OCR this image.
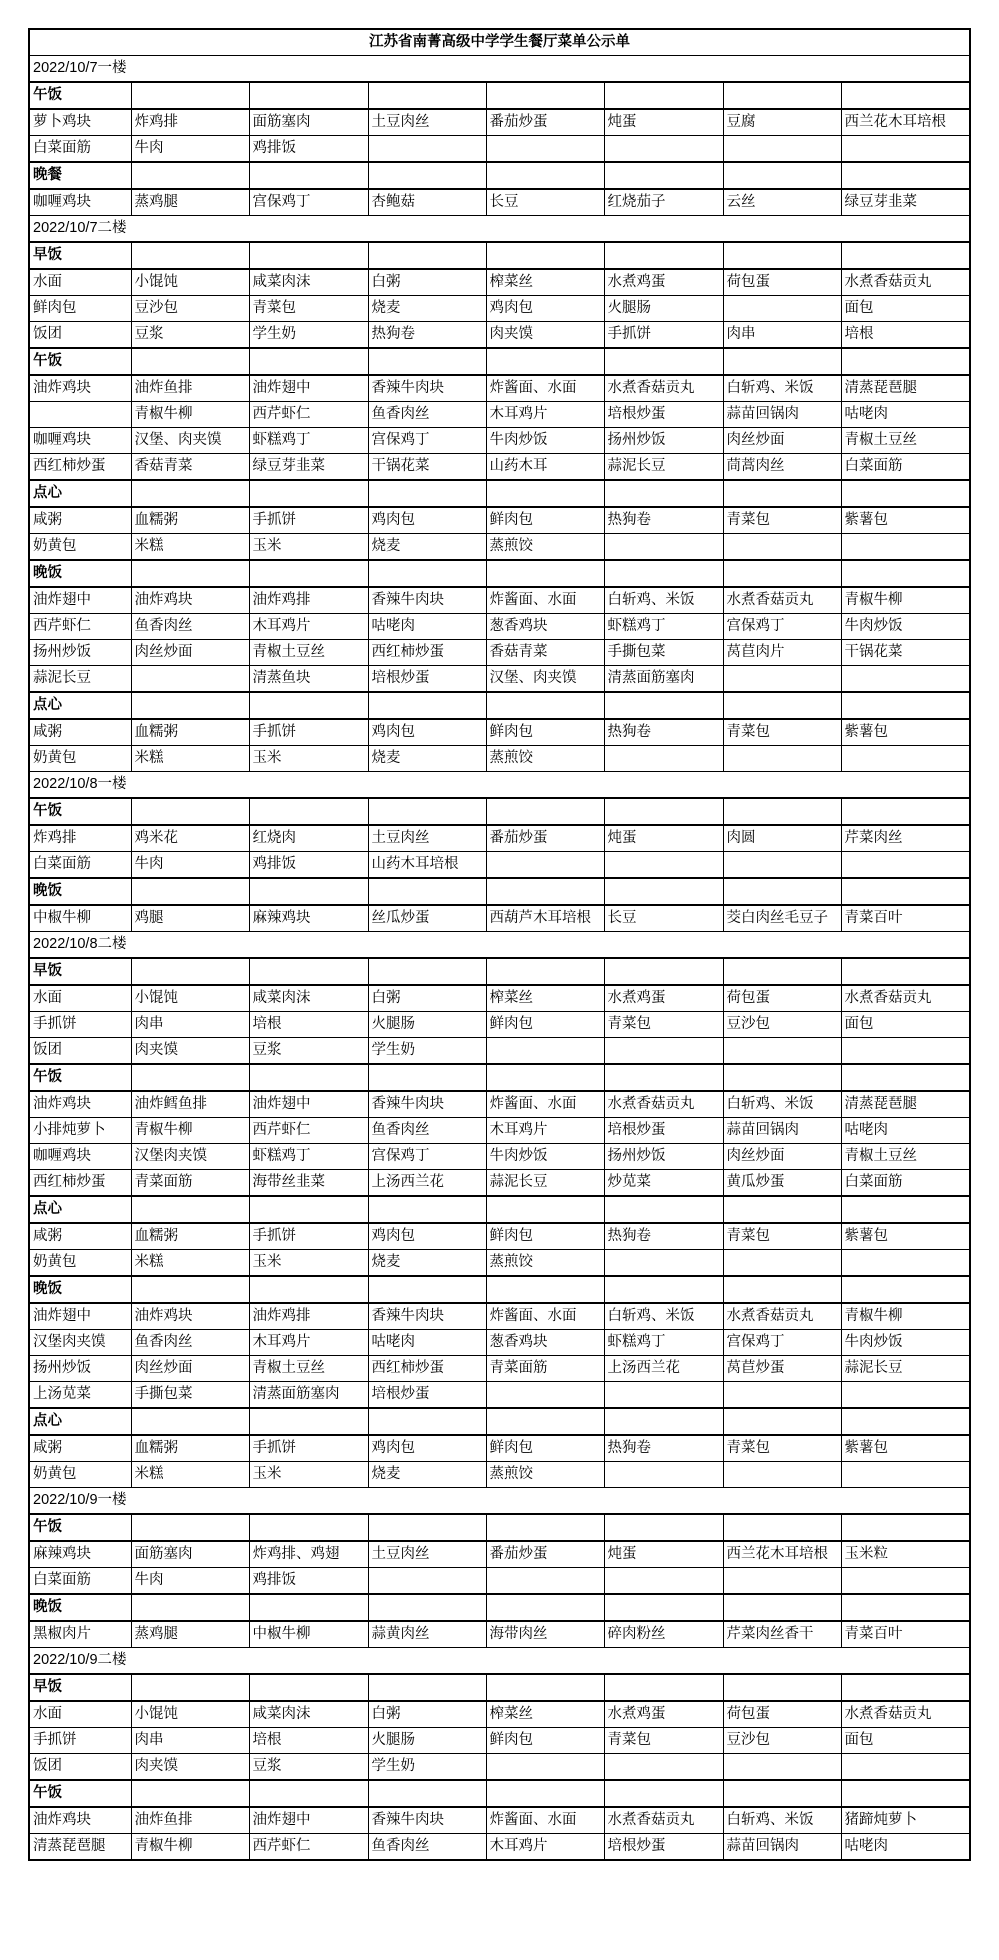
江苏省南菁高级中学学生餐厅菜单公示单							
2022/10/7一楼							
午饭							
萝卜鸡块	炸鸡排	面筋塞肉	土豆肉丝	番茄炒蛋	炖蛋	豆腐	西兰花木耳培根
白菜面筋	牛肉	鸡排饭					
晚餐							
咖喱鸡块	蒸鸡腿	宫保鸡丁	杏鲍菇	长豆	红烧茄子	云丝	绿豆芽韭菜
2022/10/7二楼							
早饭							
水面	小馄饨	咸菜肉沫	白粥	榨菜丝	水煮鸡蛋	荷包蛋	水煮香菇贡丸
鲜肉包	豆沙包	青菜包	烧麦	鸡肉包	火腿肠		面包
饭团	豆浆	学生奶	热狗卷	肉夹馍	手抓饼	肉串	培根
午饭							
油炸鸡块	油炸鱼排	油炸翅中	香辣牛肉块	炸酱面、水面	水煮香菇贡丸	白斩鸡、米饭	清蒸琵琶腿
	青椒牛柳	西芹虾仁	鱼香肉丝	木耳鸡片	培根炒蛋	蒜苗回锅肉	咕咾肉
咖喱鸡块	汉堡、肉夹馍	虾糕鸡丁	宫保鸡丁	牛肉炒饭	扬州炒饭	肉丝炒面	青椒土豆丝
西红柿炒蛋	香菇青菜	绿豆芽韭菜	干锅花菜	山药木耳	蒜泥长豆	茼蒿肉丝	白菜面筋
点心							
咸粥	血糯粥	手抓饼	鸡肉包	鲜肉包	热狗卷	青菜包	紫薯包
奶黄包	米糕	玉米	烧麦	蒸煎饺			
晚饭							
油炸翅中	油炸鸡块	油炸鸡排	香辣牛肉块	炸酱面、水面	白斩鸡、米饭	水煮香菇贡丸	青椒牛柳
西芹虾仁	鱼香肉丝	木耳鸡片	咕咾肉	葱香鸡块	虾糕鸡丁	宫保鸡丁	牛肉炒饭
扬州炒饭	肉丝炒面	青椒土豆丝	西红柿炒蛋	香菇青菜	手撕包菜	莴苣肉片	干锅花菜
蒜泥长豆		清蒸鱼块	培根炒蛋	汉堡、肉夹馍	清蒸面筋塞肉		
点心							
咸粥	血糯粥	手抓饼	鸡肉包	鲜肉包	热狗卷	青菜包	紫薯包
奶黄包	米糕	玉米	烧麦	蒸煎饺			
2022/10/8一楼							
午饭							
炸鸡排	鸡米花	红烧肉	土豆肉丝	番茄炒蛋	炖蛋	肉圆	芹菜肉丝
白菜面筋	牛肉	鸡排饭	山药木耳培根				
晚饭							
中椒牛柳	鸡腿	麻辣鸡块	丝瓜炒蛋	西葫芦木耳培根	长豆	茭白肉丝毛豆子	青菜百叶
2022/10/8二楼							
早饭							
水面	小馄饨	咸菜肉沫	白粥	榨菜丝	水煮鸡蛋	荷包蛋	水煮香菇贡丸
手抓饼	肉串	培根	火腿肠	鲜肉包	青菜包	豆沙包	面包
饭团	肉夹馍	豆浆	学生奶				
午饭							
油炸鸡块	油炸鳕鱼排	油炸翅中	香辣牛肉块	炸酱面、水面	水煮香菇贡丸	白斩鸡、米饭	清蒸琵琶腿
小排炖萝卜	青椒牛柳	西芹虾仁	鱼香肉丝	木耳鸡片	培根炒蛋	蒜苗回锅肉	咕咾肉
咖喱鸡块	汉堡肉夹馍	虾糕鸡丁	宫保鸡丁	牛肉炒饭	扬州炒饭	肉丝炒面	青椒土豆丝
西红柿炒蛋	青菜面筋	海带丝韭菜	上汤西兰花	蒜泥长豆	炒苋菜	黄瓜炒蛋	白菜面筋
点心							
咸粥	血糯粥	手抓饼	鸡肉包	鲜肉包	热狗卷	青菜包	紫薯包
奶黄包	米糕	玉米	烧麦	蒸煎饺			
晚饭							
油炸翅中	油炸鸡块	油炸鸡排	香辣牛肉块	炸酱面、水面	白斩鸡、米饭	水煮香菇贡丸	青椒牛柳
汉堡肉夹馍	鱼香肉丝	木耳鸡片	咕咾肉	葱香鸡块	虾糕鸡丁	宫保鸡丁	牛肉炒饭
扬州炒饭	肉丝炒面	青椒土豆丝	西红柿炒蛋	青菜面筋	上汤西兰花	莴苣炒蛋	蒜泥长豆
上汤苋菜	手撕包菜	清蒸面筋塞肉	培根炒蛋				
点心							
咸粥	血糯粥	手抓饼	鸡肉包	鲜肉包	热狗卷	青菜包	紫薯包
奶黄包	米糕	玉米	烧麦	蒸煎饺			
2022/10/9一楼							
午饭							
麻辣鸡块	面筋塞肉	炸鸡排、鸡翅	土豆肉丝	番茄炒蛋	炖蛋	西兰花木耳培根	玉米粒
白菜面筋	牛肉	鸡排饭					
晚饭							
黑椒肉片	蒸鸡腿	中椒牛柳	蒜黄肉丝	海带肉丝	碎肉粉丝	芹菜肉丝香干	青菜百叶
2022/10/9二楼							
早饭							
水面	小馄饨	咸菜肉沫	白粥	榨菜丝	水煮鸡蛋	荷包蛋	水煮香菇贡丸
手抓饼	肉串	培根	火腿肠	鲜肉包	青菜包	豆沙包	面包
饭团	肉夹馍	豆浆	学生奶				
午饭							
油炸鸡块	油炸鱼排	油炸翅中	香辣牛肉块	炸酱面、水面	水煮香菇贡丸	白斩鸡、米饭	猪蹄炖萝卜
清蒸琵琶腿	青椒牛柳	西芹虾仁	鱼香肉丝	木耳鸡片	培根炒蛋	蒜苗回锅肉	咕咾肉
